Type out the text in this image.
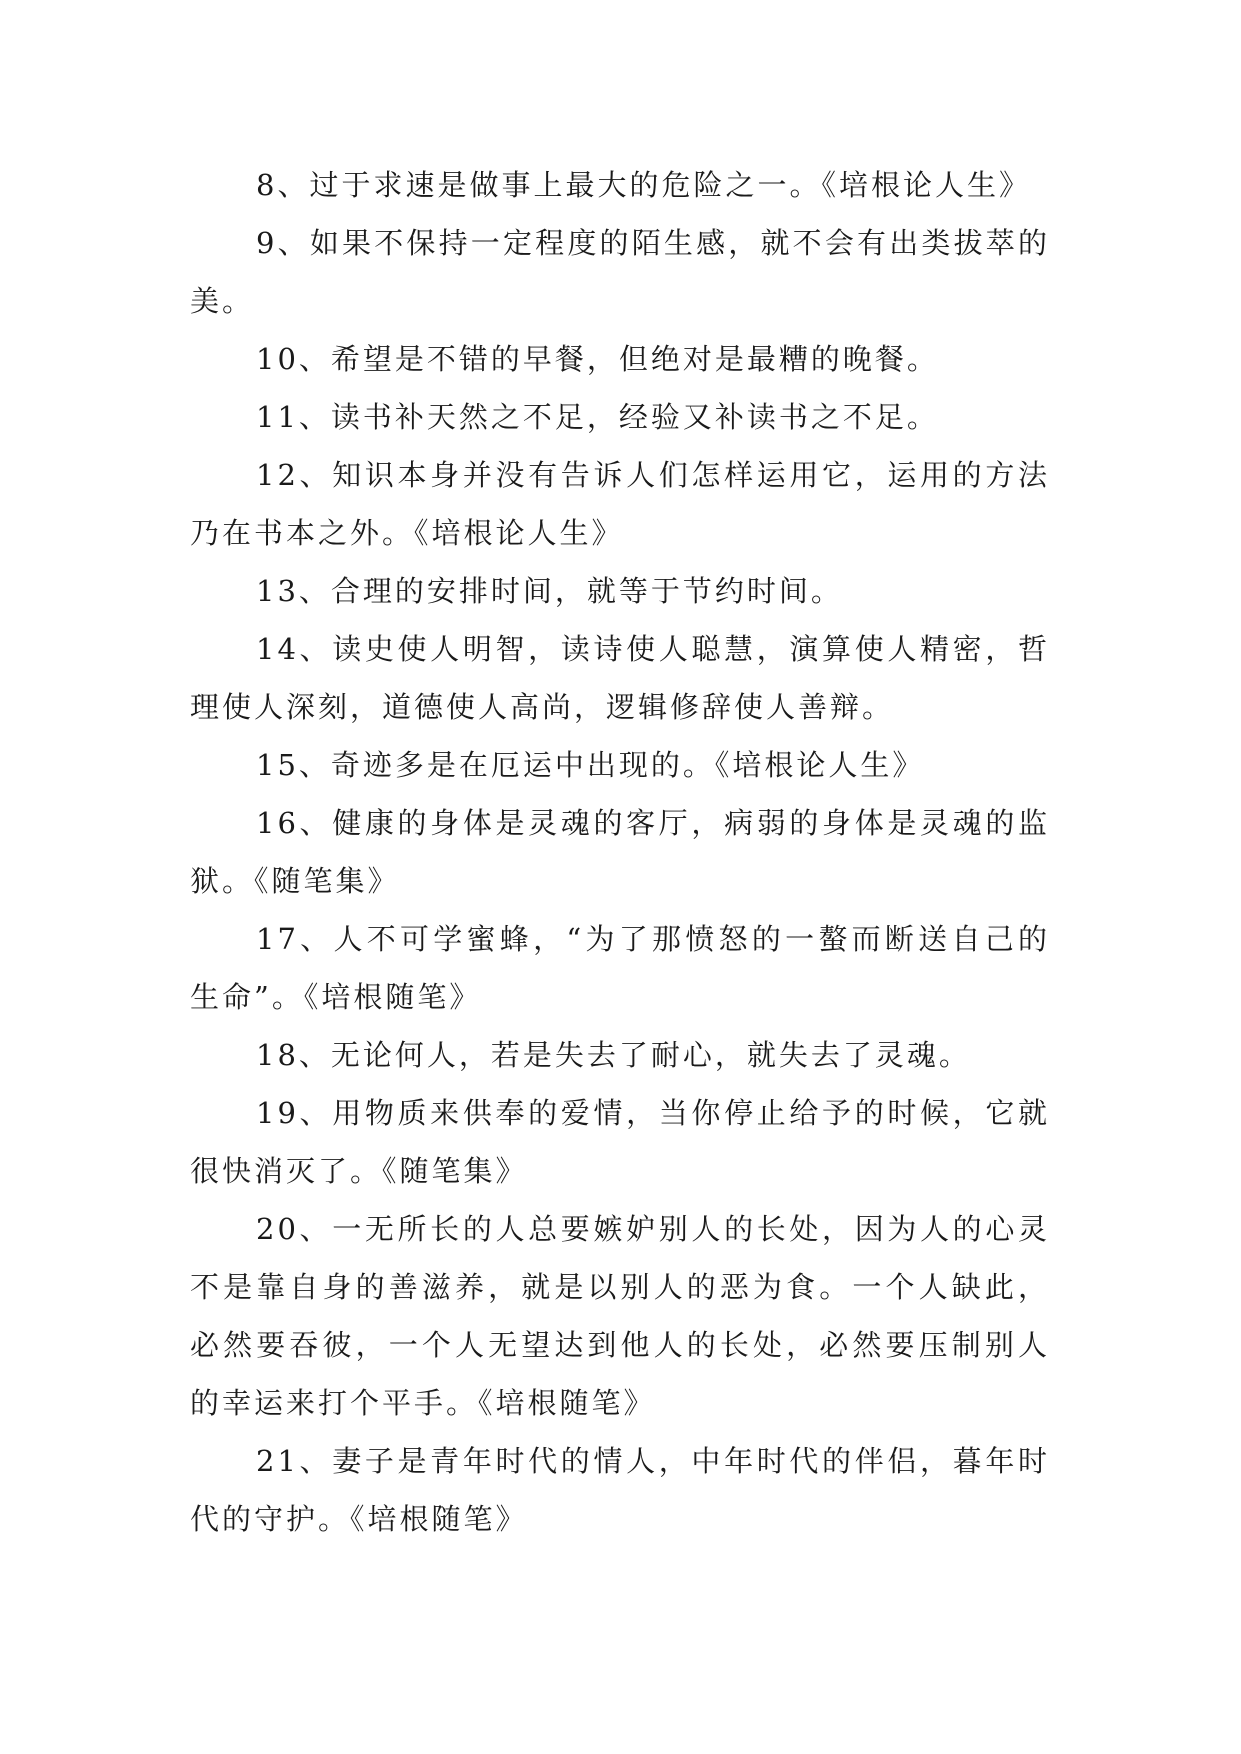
8、过于求速是做事上最大的危险之一。《培根论人生》

9、如果不保持一定程度的陌生感，就不会有出类拔萃的美。

10、希望是不错的早餐，但绝对是最糟的晚餐。

11、读书补天然之不足，经验又补读书之不足。

12、知识本身并没有告诉人们怎样运用它，运用的方法乃在书本之外。《培根论人生》

13、合理的安排时间，就等于节约时间。

14、读史使人明智，读诗使人聪慧，演算使人精密，哲理使人深刻，道德使人高尚，逻辑修辞使人善辩。

15、奇迹多是在厄运中出现的。《培根论人生》

16、健康的身体是灵魂的客厅，病弱的身体是灵魂的监狱。《随笔集》

17、人不可学蜜蜂，“为了那愤怒的一螯而断送自己的生命”。《培根随笔》

18、无论何人，若是失去了耐心，就失去了灵魂。

19、用物质来供奉的爱情，当你停止给予的时候，它就很快消灭了。《随笔集》

20、一无所长的人总要嫉妒别人的长处，因为人的心灵不是靠自身的善滋养，就是以别人的恶为食。一个人缺此，必然要吞彼，一个人无望达到他人的长处，必然要压制别人的幸运来打个平手。《培根随笔》

21、妻子是青年时代的情人，中年时代的伴侣，暮年时代的守护。《培根随笔》
